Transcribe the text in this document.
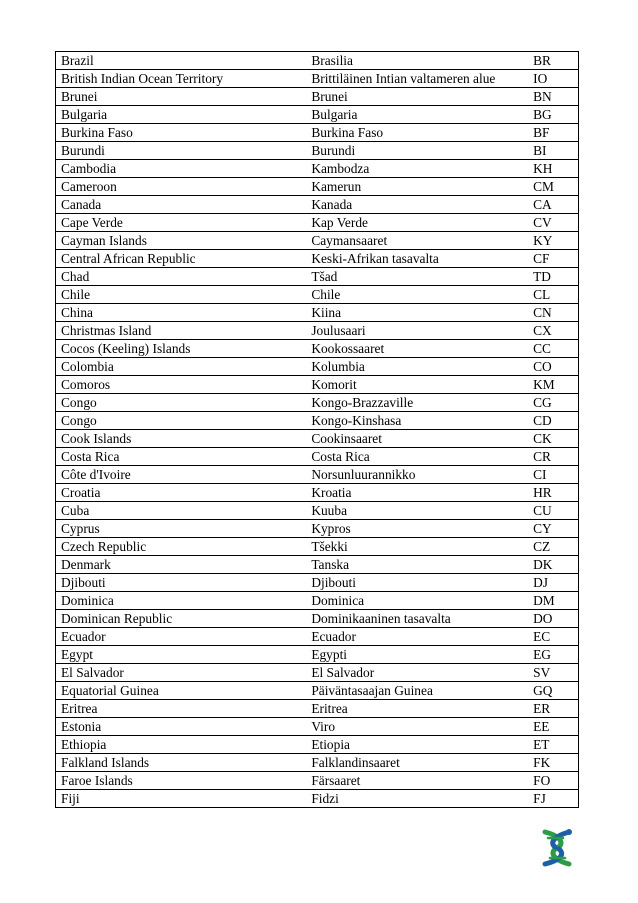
Brazil	Brasilia	BR
British Indian Ocean Territory	Brittiläinen Intian valtameren alue	IO
Brunei	Brunei	BN
Bulgaria	Bulgaria	BG
Burkina Faso	Burkina Faso	BF
Burundi	Burundi	BI
Cambodia	Kambodza	KH
Cameroon	Kamerun	CM
Canada	Kanada	CA
Cape Verde	Kap Verde	CV
Cayman Islands	Caymansaaret	KY
Central African Republic	Keski-Afrikan tasavalta	CF
Chad	Tšad	TD
Chile	Chile	CL
China	Kiina	CN
Christmas Island	Joulusaari	CX
Cocos (Keeling) Islands	Kookossaaret	CC
Colombia	Kolumbia	CO
Comoros	Komorit	KM
Congo	Kongo-Brazzaville	CG
Congo	Kongo-Kinshasa	CD
Cook Islands	Cookinsaaret	CK
Costa Rica	Costa Rica	CR
Côte d'Ivoire	Norsunluurannikko	CI
Croatia	Kroatia	HR
Cuba	Kuuba	CU
Cyprus	Kypros	CY
Czech Republic	Tšekki	CZ
Denmark	Tanska	DK
Djibouti	Djibouti	DJ
Dominica	Dominica	DM
Dominican Republic	Dominikaaninen tasavalta	DO
Ecuador	Ecuador	EC
Egypt	Egypti	EG
El Salvador	El Salvador	SV
Equatorial Guinea	Päiväntasaajan Guinea	GQ
Eritrea	Eritrea	ER
Estonia	Viro	EE
Ethiopia	Etiopia	ET
Falkland Islands	Falklandinsaaret	FK
Faroe Islands	Färsaaret	FO
Fiji	Fidzi	FJ
